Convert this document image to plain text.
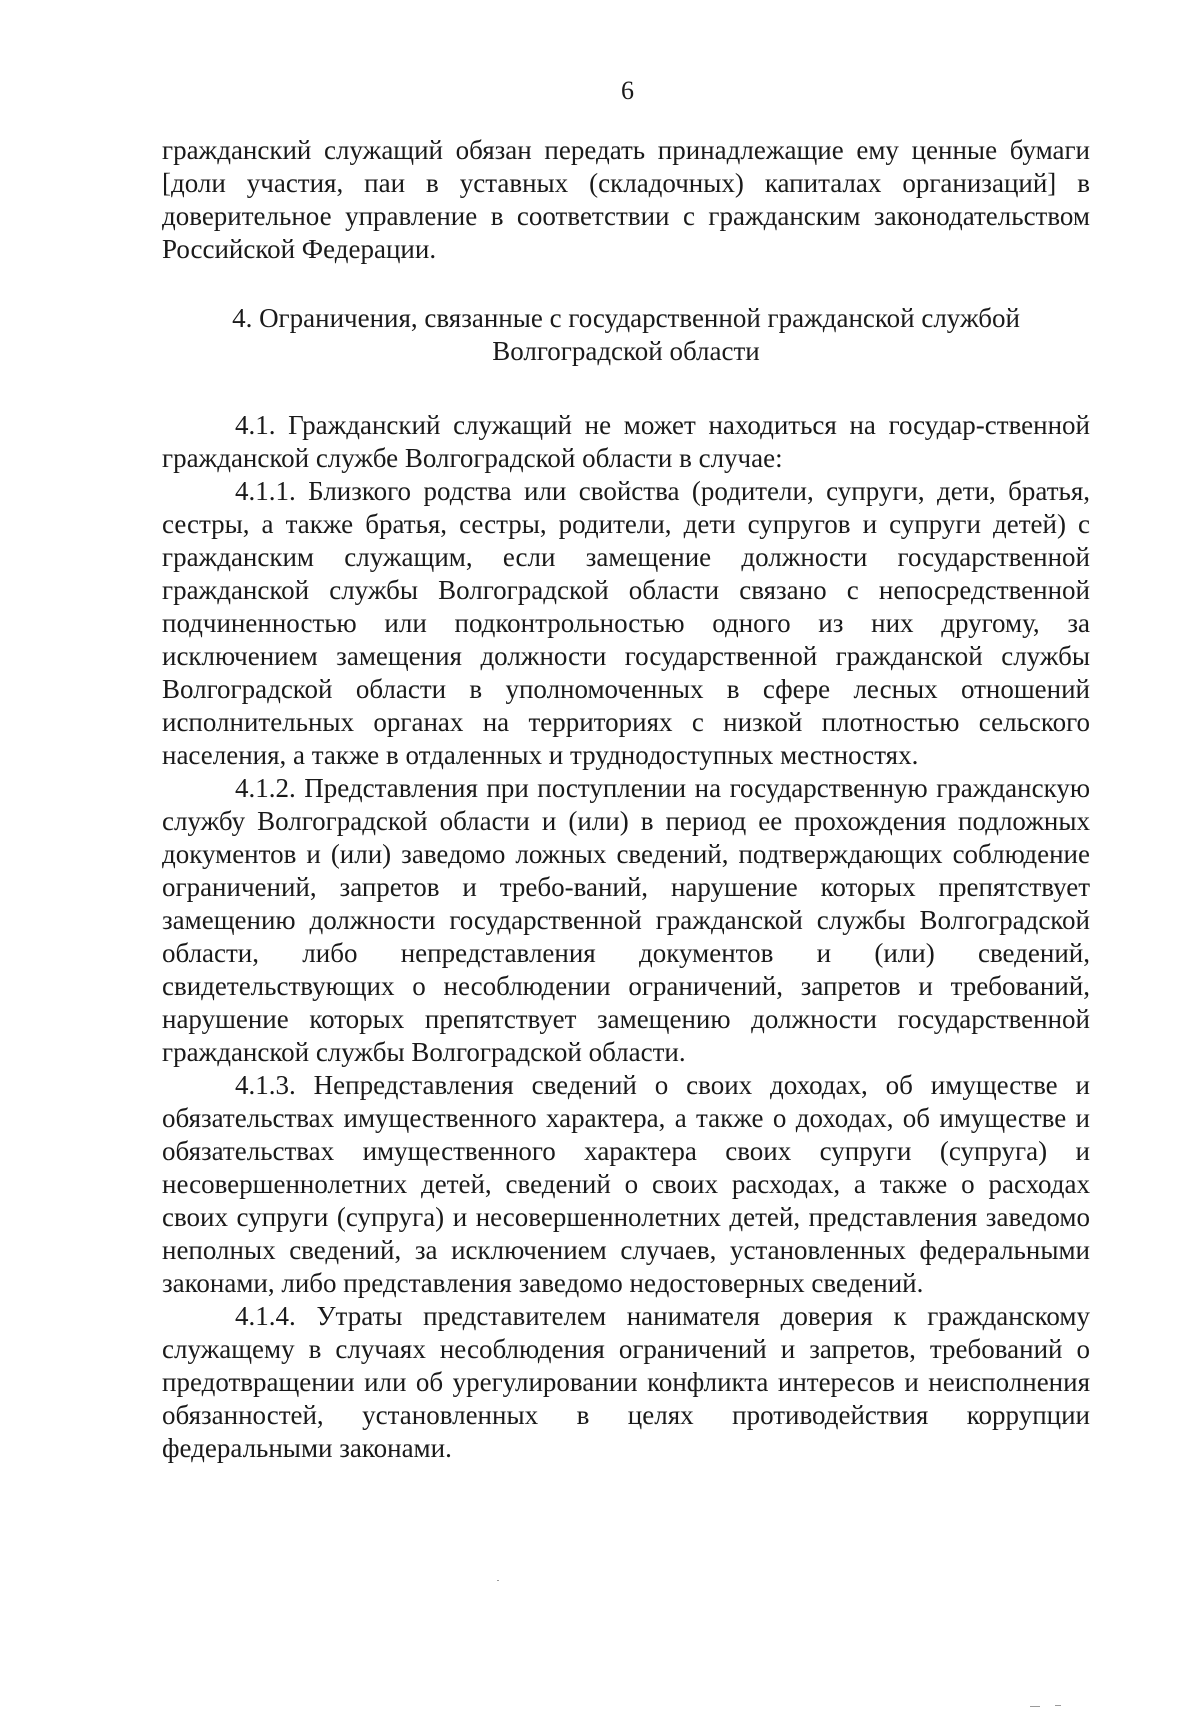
6

гражданский служащий обязан передать принадлежащие ему ценные бумаги [доли участия, паи в уставных (складочных) капиталах организаций] в доверительное управление в соответствии с гражданским законодательством Российской Федерации.

4. Ограничения, связанные с государственной гражданской службой
Волгоградской области

4.1. Гражданский служащий не может находиться на государ-ственной гражданской службе Волгоградской области в случае:

4.1.1. Близкого родства или свойства (родители, супруги, дети, братья, сестры, а также братья, сестры, родители, дети супругов и супруги детей) с гражданским служащим, если замещение должности государственной гражданской службы Волгоградской области связано с непосредственной подчиненностью или подконтрольностью одного из них другому, за исключением замещения должности государственной гражданской службы Волгоградской области в уполномоченных в сфере лесных отношений исполнительных органах на территориях с низкой плотностью сельского населения, а также в отдаленных и труднодоступных местностях.

4.1.2. Представления при поступлении на государственную гражданскую службу Волгоградской области и (или) в период ее прохождения подложных документов и (или) заведомо ложных сведений, подтверждающих соблюдение ограничений, запретов и требо-ваний, нарушение которых препятствует замещению должности государственной гражданской службы Волгоградской области, либо непредставления документов и (или) сведений, свидетельствующих о несоблюдении ограничений, запретов и требований, нарушение которых препятствует замещению должности государственной гражданской службы Волгоградской области.

4.1.3. Непредставления сведений о своих доходах, об имуществе и обязательствах имущественного характера, а также о доходах, об имуществе и обязательствах имущественного характера своих супруги (супруга) и несовершеннолетних детей, сведений о своих расходах, а также о расходах своих супруги (супруга) и несовершеннолетних детей, представления заведомо неполных сведений, за исключением случаев, установленных федеральными законами, либо представления заведомо недостоверных сведений.

4.1.4. Утраты представителем нанимателя доверия к гражданскому служащему в случаях несоблюдения ограничений и запретов, требований о предотвращении или об урегулировании конфликта интересов и неисполнения обязанностей, установленных в целях противодействия коррупции федеральными законами.
